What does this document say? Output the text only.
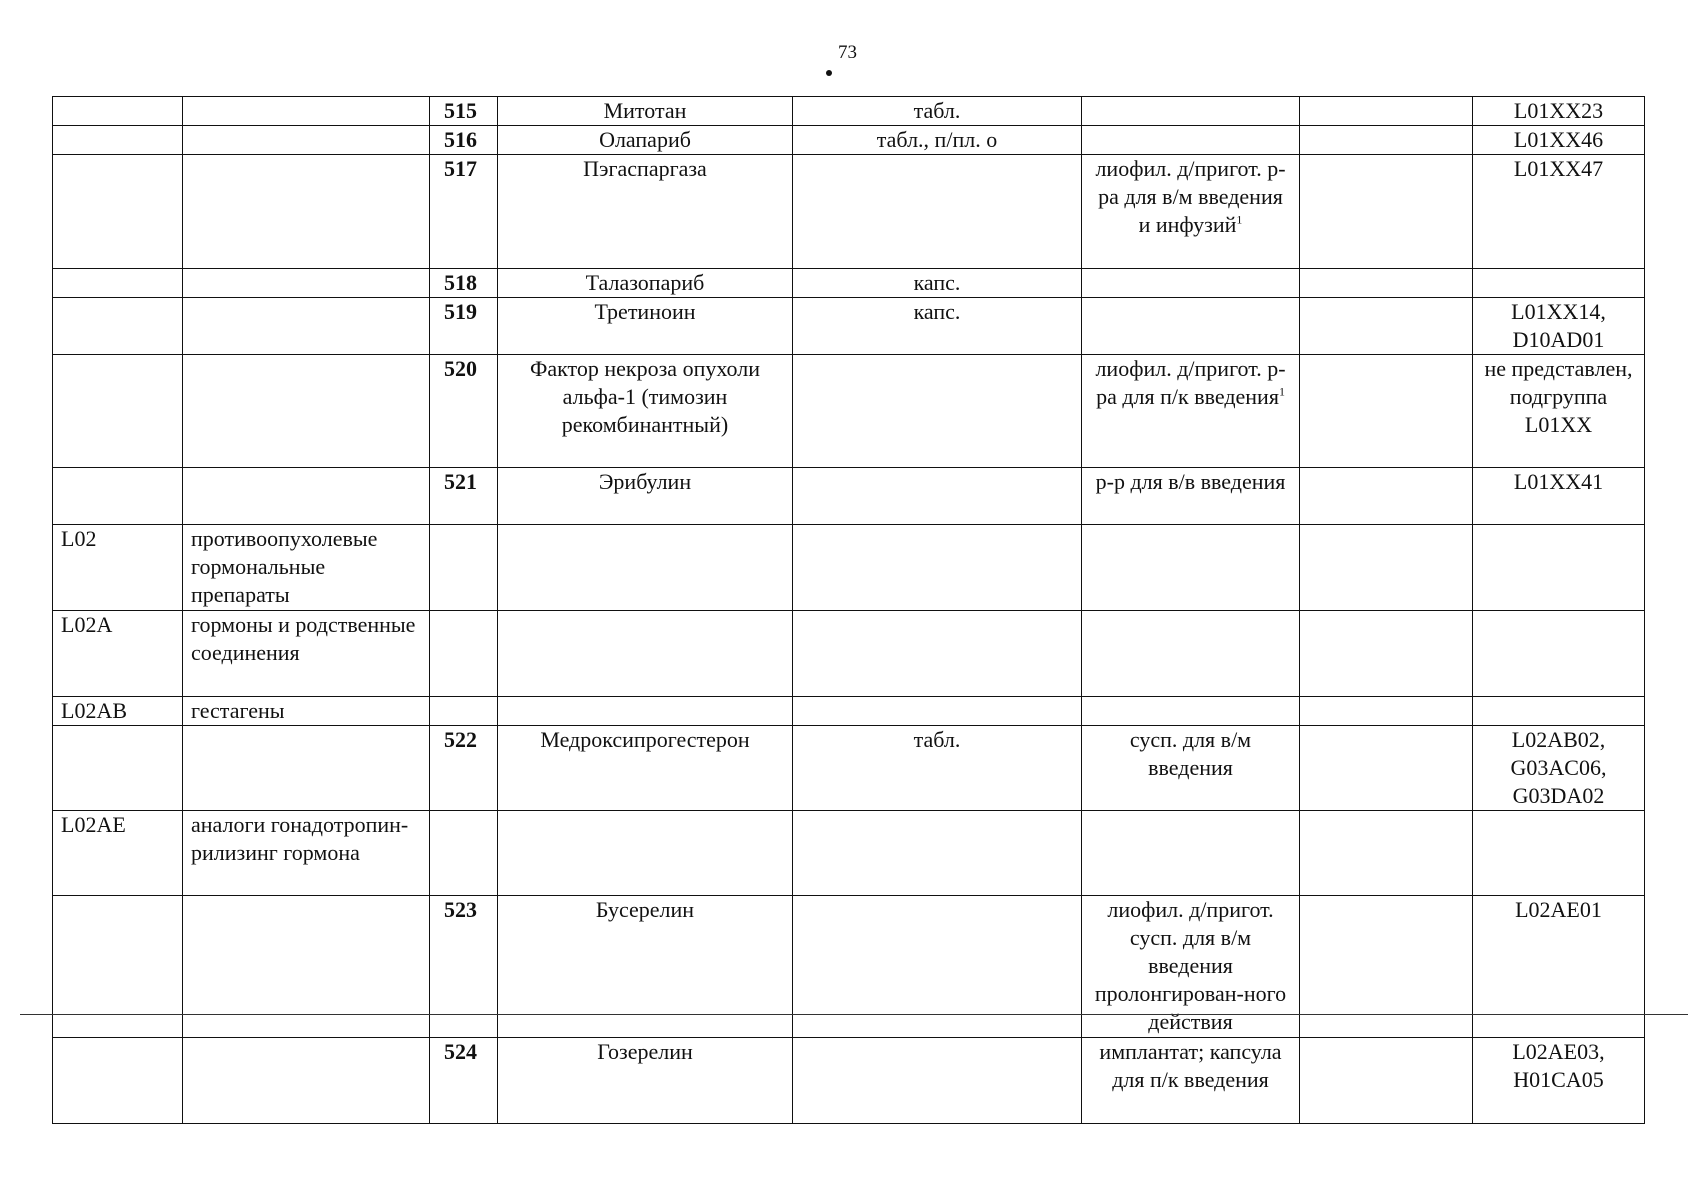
73
		515	Митотан	табл.			L01XX23
		516	Олапариб	табл., п/пл. о			L01XX46
		517	Пэгаспаргаза		лиофил. д/пригот. р-ра для в/м введения и инфузий$^1$		L01XX47
		518	Талазопариб	капс.			
		519	Третиноин	капс.			L01XX14, D10AD01
		520	Фактор некроза опухоли альфа-1 (тимозин рекомбинантный)		лиофил. д/пригот. р-ра для п/к введения$^1$		не представлен, подгруппа L01XX
		521	Эрибулин		р-р для в/в введения		L01XX41
L02	противоопухолевые гормональные препараты						
L02A	гормоны и родственные соединения						
L02AB	гестагены						
		522	Медроксипрогестерон	табл.	сусп. для в/м введения		L02AB02, G03AC06, G03DA02
L02AE	аналоги гонадотропин-рилизинг гормона						
		523	Бусерелин		лиофил. д/пригот. сусп. для в/м введения пролонгирован-ного действия		L02AE01
		524	Гозерелин		имплантат; капсула для п/к введения		L02AE03, H01CA05
